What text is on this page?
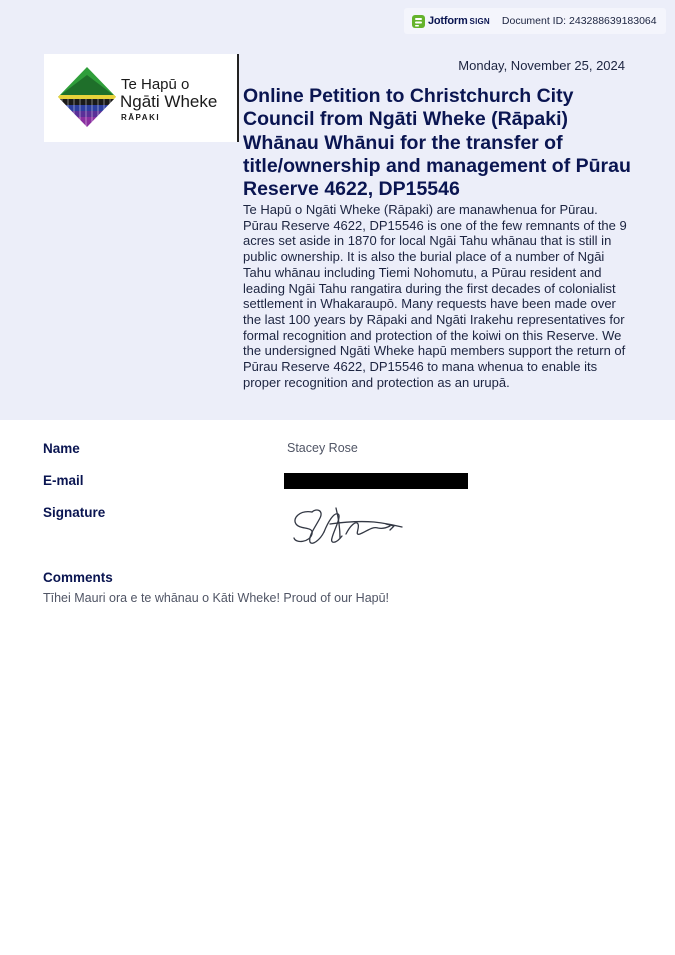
Jotform SIGN Document ID: 243288639183064
Te Hapū o
Ngāti Wheke
RĀPAKI
Monday, November 25, 2024
Online Petition to Christchurch City Council from Ngāti Wheke (Rāpaki) Whānau Whānui for the transfer of title/ownership and management of Pūrau Reserve 4622, DP15546

Te Hapū o Ngāti Wheke (Rāpaki) are manawhenua for Pūrau. Pūrau Reserve 4622, DP15546 is one of the few remnants of the 9 acres set aside in 1870 for local Ngāi Tahu whānau that is still in public ownership. It is also the burial place of a number of Ngāi Tahu whānau including Tiemi Nohomutu, a Pūrau resident and leading Ngāi Tahu rangatira during the first decades of colonialist settlement in Whakaraupō. Many requests have been made over the last 100 years by Rāpaki and Ngāti Irakehu representatives for formal recognition and protection of the koiwi on this Reserve. We the undersigned Ngāti Wheke hapū members support the return of Pūrau Reserve 4622, DP15546 to mana whenua to enable its proper recognition and protection as an urupā.

Name	Stacey Rose
E-mail
Signature
Comments
Tīhei Mauri ora e te whānau o Kāti Wheke! Proud of our Hapū!
